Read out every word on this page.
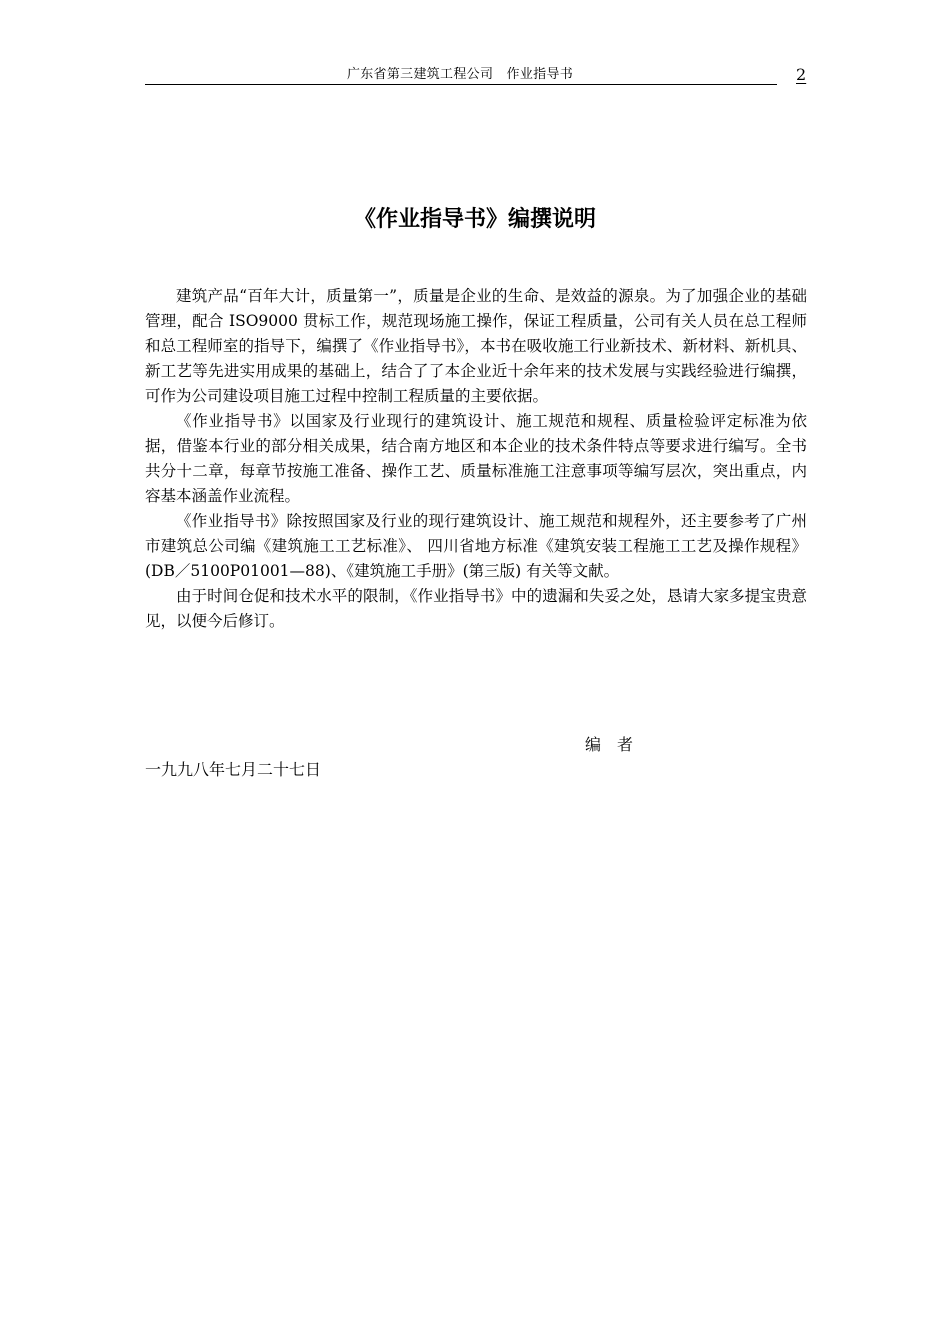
广东省第三建筑工程公司　作业指导书	2
《作业指导书》编撰说明

建筑产品“百年大计，质量第一”，质量是企业的生命、是效益的源泉。为了加强企业的基础管理，配合 ISO9000 贯标工作，规范现场施工操作，保证工程质量，公司有关人员在总工程师和总工程师室的指导下，编撰了《作业指导书》，本书在吸收施工行业新技术、新材料、新机具、新工艺等先进实用成果的基础上，结合了了本企业近十余年来的技术发展与实践经验进行编撰，可作为公司建设项目施工过程中控制工程质量的主要依据。

《作业指导书》以国家及行业现行的建筑设计、施工规范和规程、质量检验评定标准为依据，借鉴本行业的部分相关成果，结合南方地区和本企业的技术条件特点等要求进行编写。全书共分十二章，每章节按施工准备、操作工艺、质量标准施工注意事项等编写层次，突出重点，内容基本涵盖作业流程。

《作业指导书》除按照国家及行业的现行建筑设计、施工规范和规程外，还主要参考了广州市建筑总公司编《建筑施工工艺标准》、 四川省地方标准《建筑安装工程施工工艺及操作规程》(DB／5100P01001—88)、《建筑施工手册》(第三版) 有关等文献。

由于时间仓促和技术水平的限制，《作业指导书》中的遗漏和失妥之处，恳请大家多提宝贵意见，以便今后修订。

编　者
一九九八年七月二十七日
